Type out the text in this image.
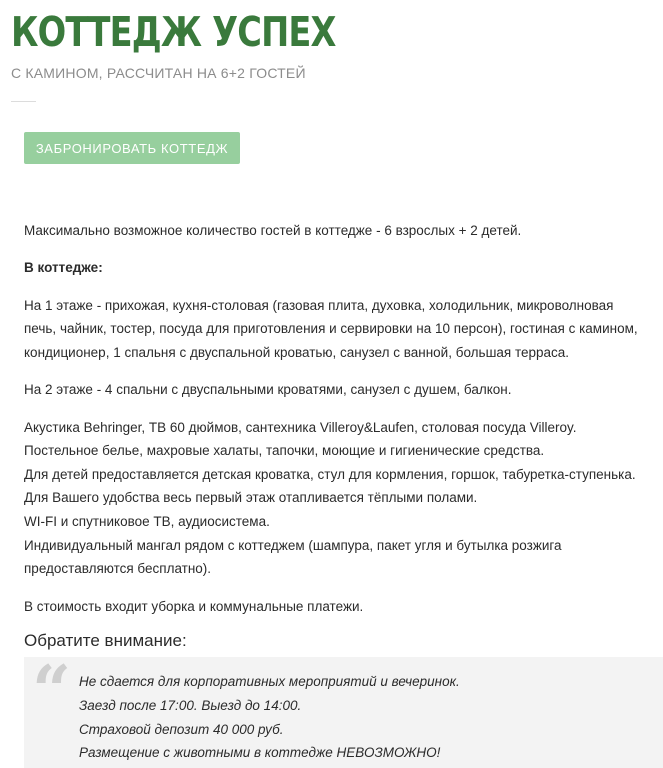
КОТТЕДЖ УСПЕХ

С КАМИНОМ, РАССЧИТАН НА 6+2 ГОСТЕЙ

ЗАБРОНИРОВАТЬ КОТТЕДЖ

Максимально возможное количество гостей в коттедже - 6 взрослых + 2 детей.

В коттедже:

На 1 этаже - прихожая, кухня-столовая (газовая плита, духовка, холодильник, микроволновая

печь, чайник, тостер, посуда для приготовления и сервировки на 10 персон), гостиная с камином,

кондиционер, 1 спальня с двуспальной кроватью, санузел с ванной, большая терраса.

На 2 этаже - 4 спальни с двуспальными кроватями, санузел с душем, балкон.

Акустика Behringer, ТВ 60 дюймов, сантехника Villeroy&Laufen, столовая посуда Villeroy.

Постельное белье, махровые халаты, тапочки, моющие и гигиенические средства.

Для детей предоставляется детская кроватка, стул для кормления, горшок, табуретка-ступенька.

Для Вашего удобства весь первый этаж отапливается тёплыми полами.

WI-FI и спутниковое ТВ, аудиосистема.

Индивидуальный мангал рядом с коттеджем (шампура, пакет угля и бутылка розжига

предоставляются бесплатно).

В стоимость входит уборка и коммунальные платежи.

Обратите внимание:
“ Не сдается для корпоративных мероприятий и вечеринок.

Заезд после 17:00. Выезд до 14:00.

Страховой депозит 40 000 руб.

Размещение с животными в коттедже НЕВОЗМОЖНО!
